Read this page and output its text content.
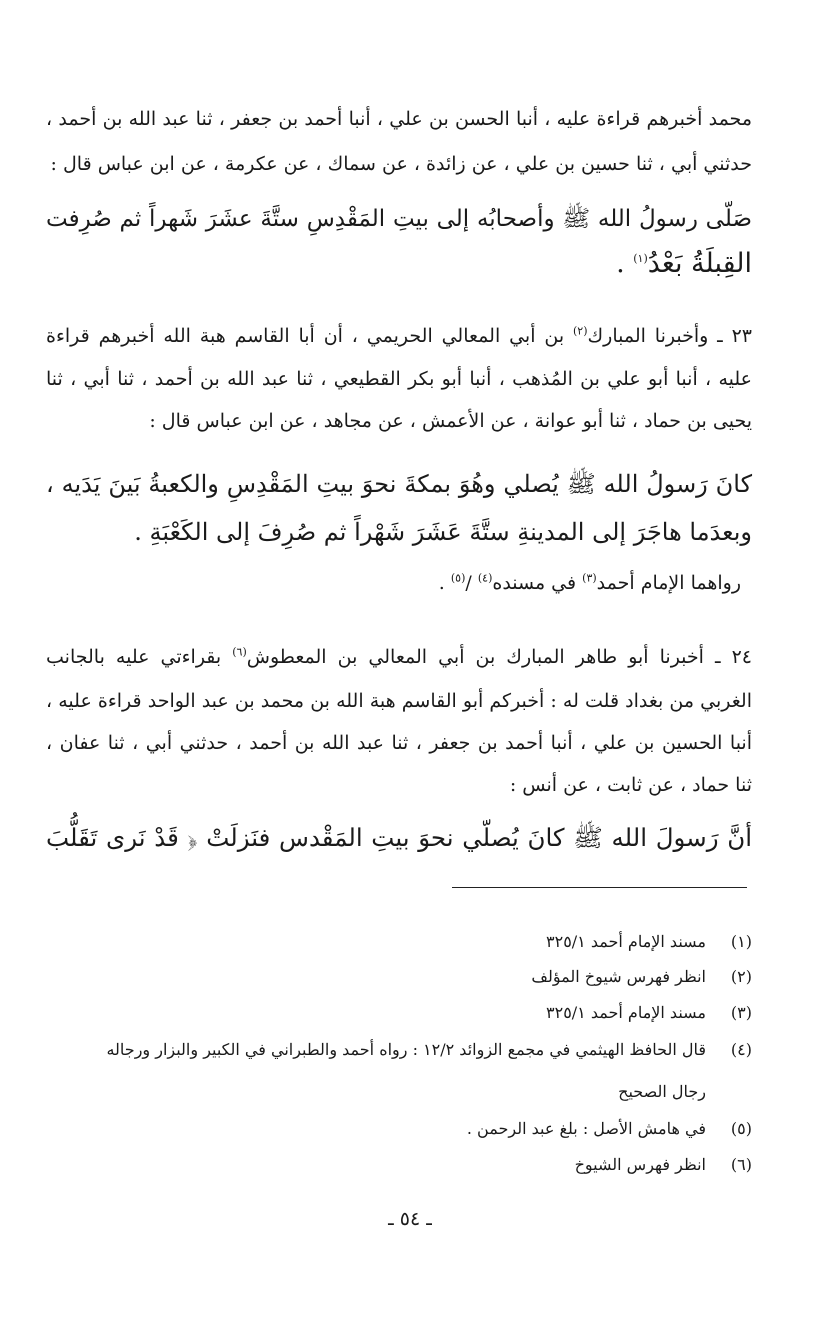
محمد أخبرهم قراءة عليه ، أنبا الحسن بن علي ، أنبا أحمد بن جعفر ، ثنا عبد الله بن أحمد ،
حدثني أبي ، ثنا حسين بن علي ، عن زائدة ، عن سماك ، عن عكرمة ، عن ابن عباس قال :
صَلّى رسولُ الله ﷺ وأصحابُه إلى بيتِ المَقْدِسِ ستَّةَ عشَرَ شَهراً ثم صُرِفت
القِبلَةُ بَعْدُ$^{(١)}$ .
٢٣ ـ وأخبرنا المبارك$^{(٢)}$ بن أبي المعالي الحريمي ، أن أبا القاسم هبة الله أخبرهم قراءة
عليه ، أنبا أبو علي بن المُذهب ، أنبا أبو بكر القطيعي ، ثنا عبد الله بن أحمد ، ثنا أبي ، ثنا
يحيى بن حماد ، ثنا أبو عوانة ، عن الأعمش ، عن مجاهد ، عن ابن عباس قال :
كانَ رَسولُ الله ﷺ يُصلي وهُوَ بمكةَ نحوَ بيتِ المَقْدِسِ والكعبةُ بَينَ يَدَيه ،
وبعدَما هاجَرَ إلى المدينةِ ستَّةَ عَشَرَ شَهْراً ثم صُرِفَ إلى الكَعْبَةِ .
رواهما الإمام أحمد$^{(٣)}$ في مسنده$^{(٤)}$ /$^{(٥)}$ .
٢٤ ـ أخبرنا أبو طاهر المبارك بن أبي المعالي بن المعطوش$^{(٦)}$ بقراءتي عليه بالجانب
الغربي من بغداد قلت له : أخبركم أبو القاسم هبة الله بن محمد بن عبد الواحد قراءة عليه ،
أنبا الحسين بن علي ، أنبا أحمد بن جعفر ، ثنا عبد الله بن أحمد ، حدثني أبي ، ثنا عفان ،
ثنا حماد ، عن ثابت ، عن أنس :
أنَّ رَسولَ الله ﷺ كانَ يُصلّي نحوَ بيتِ المَقْدس فنَزلَتْ ﴿ قَدْ نَرى تَقَلُّبَ
(١)مسند الإمام أحمد ٣٢٥/١
(٢)انظر فهرس شيوخ المؤلف
(٣)مسند الإمام أحمد ٣٢٥/١
(٤)قال الحافظ الهيثمي في مجمع الزوائد ١٢/٢ : رواه أحمد والطبراني في الكبير والبزار ورجاله
رجال الصحيح
(٥)في هامش الأصل : بلغ عبد الرحمن .
(٦)انظر فهرس الشيوخ
ـ ٥٤ ـ
